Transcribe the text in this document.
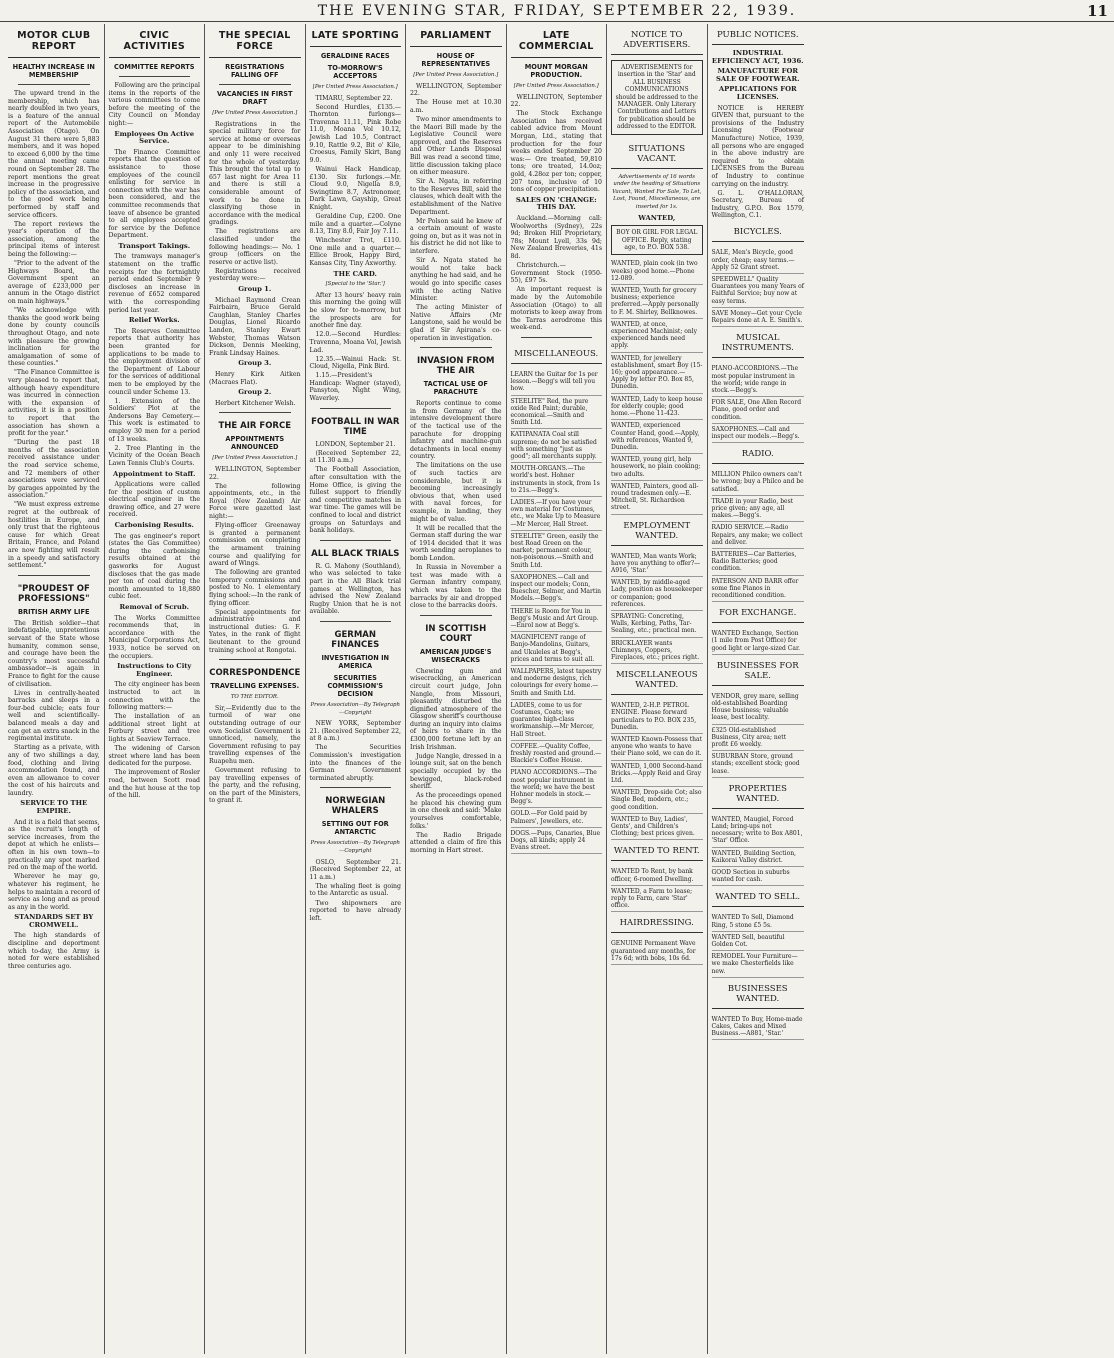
THE EVENING STAR, FRIDAY, SEPTEMBER 22, 1939.	11
MOTOR CLUB REPORT
HEALTHY INCREASE IN MEMBERSHIP

The upward trend in the membership, which has nearly doubled in two years, is a feature of the annual report of the Automobile Association (Otago). On August 31 there were 5,883 members, and it was hoped to exceed 6,000 by the time the annual meeting came round on September 28. The report mentions the great increase in the progressive policy of the association, and to the good work being performed by staff and service officers.

The report reviews the year's operation of the association, among the principal items of interest being the following:—

"Prior to the advent of the Highways Board, the Government spent an average of £233,000 per annum in the Otago district on main highways."

"We acknowledge with thanks the good work being done by county councils throughout Otago, and note with pleasure the growing inclination for the amalgamation of some of these counties."

"The Finance Committee is very pleased to report that, although heavy expenditure was incurred in connection with the expansion of activities, it is in a position to report that the association has shown a profit for the year."

"During the past 18 months of the association received assistance under the road service scheme, and 72 members of other associations were serviced by garages appointed by the association."

"We must express extreme regret at the outbreak of hostilities in Europe, and only trust that the righteous cause for which Great Britain, France, and Poland are now fighting will result in a speedy and satisfactory settlement."

"PROUDEST OF PROFESSIONS"
BRITISH ARMY LIFE

The British soldier—that indefatigable, unpretentious servant of the State whose humanity, common sense, and courage have been the country's most successful ambassador—is again in France to fight for the cause of civilisation.

Lives in centrally-heated barracks and sleeps in a four-bed cubicle; eats four well and scientifically-balanced meals a day and can get an extra snack in the regimental institute.

Starting as a private, with any of two shillings a day, food, clothing and living accommodation found, and even an allowance to cover the cost of his haircuts and laundry.

SERVICE TO THE EMPIRE.

And it is a field that seems, as the recruit's length of service increases, from the depot at which he enlists—often in his own town—to practically any spot marked red on the map of the world.

Wherever he may go, whatever his regiment, he helps to maintain a record of service as long and as proud as any in the world.

STANDARDS SET BY CROMWELL.

The high standards of discipline and deportment which to-day, the Army is noted for were established three centuries ago.

CIVIC ACTIVITIES
COMMITTEE REPORTS

Following are the principal items in the reports of the various committees to come before the meeting of the City Council on Monday night:—

Employees On Active Service.

The Finance Committee reports that the question of assistance to those employees of the council enlisting for service in connection with the war has been considered, and the committee recommends that leave of absence be granted to all employees accepted for service by the Defence Department.

Transport Takings.

The tramways manager's statement on the traffic receipts for the fortnightly period ended September 9 discloses an increase in revenue of £652 compared with the corresponding period last year.

Relief Works.

The Reserves Committee reports that authority has been granted for applications to be made to the employment division of the Department of Labour for the services of additional men to be employed by the council under Scheme 13.

1. Extension of the Soldiers' Plot at the Andersons Bay Cemetery.—This work is estimated to employ 30 men for a period of 13 weeks.

2. Tree Planting in the Vicinity of the Ocean Beach Lawn Tennis Club's Courts.

Appointment to Staff.

Applications were called for the position of custom electrical engineer in the drawing office, and 27 were received.

Carbonising Results.

The gas engineer's report (states the Gas Committee) during the carbonising results obtained at the gasworks for August discloses that the gas made per ton of coal during the month amounted to 18,880 cubic feet.

Removal of Scrub.

The Works Committee recommends that, in accordance with the Municipal Corporations Act, 1933, notice be served on the occupiers.

Instructions to City Engineer.

The city engineer has been instructed to act in connection with the following matters:—

The installation of an additional street light at Forbury street and tree lights at Seaview Terrace.

The widening of Carson street where land has been dedicated for the purpose.

The improvement of Rosler road, between Scott road and the hut house at the top of the hill.

THE SPECIAL FORCE
REGISTRATIONS FALLING OFF
VACANCIES IN FIRST DRAFT
[Per United Press Association.]

Registrations in the special military force for service at home or overseas appear to be diminishing and only 11 were received for the whole of yesterday. This brought the total up to 657 last night for Area 11 and there is still a considerable amount of work to be done in classifying those in accordance with the medical gradings.

The registrations are classified under the following headings:— No. 1 group (officers on the reserve or active list).

Registrations received yesterday were:—

Group 1.

Michael Raymond Crean Fairbairn, Bruce Gerald Caughlan, Stanley Charles Douglas, Lionel Ricardo Landen, Stanley Ewart Webster, Thomas Watson Dickson, Dennis Meeking, Frank Lindsay Haines.

Group 3.

Henry Kirk Aitken (Macraes Flat).

Group 2.

Herbert Kitchener Welsh.

THE AIR FORCE
APPOINTMENTS ANNOUNCED
[Per United Press Association.]

WELLINGTON, September 22.

The following appointments, etc., in the Royal (New Zealand) Air Force were gazetted last night:—

Flying-officer Greenaway is granted a permanent commission on completing the armament training course and qualifying for award of Wings.

The following are granted temporary commissions and posted to No. 1 elementary flying school:—In the rank of flying officer.

Special appointments for administrative and instructional duties: G. F. Yates, in the rank of flight lieutenant to the ground training school at Rongotai.

CORRESPONDENCE
TRAVELLING EXPENSES.
TO THE EDITOR.

Sir,—Evidently due to the turmoil of war one outstanding outrage of our own Socialist Government is unnoticed, namely, the Government refusing to pay travelling expenses of the Ruapehu men.

Government refusing to pay travelling expenses of the party, and the refusing, on the part of the Ministers, to grant it.

LATE SPORTING
GERALDINE RACES
TO-MORROW'S ACCEPTORS
[Per United Press Association.]

TIMARU, September 22.

Second Hurdles, £135.—Thornton furlongs—Travenna 11.11, Pink Robe 11.0, Moana Vol 10.12, Jewish Lad 10.5, Contract 9.10, Rattle 9.2, Bit o' Kile, Croesus, Family Skirt, Bang 9.0.

Wainui Hack Handicap, £130. Six furlongs.—Mr. Cloud 9.0, Nigella 8.9, Swingtime 8.7, Astronomer, Dark Lawn, Gayship, Great Knight.

Geraldine Cup, £200. One mile and a quarter.—Colyne 8.13, Tiny 8.0, Fair Joy 7.11.

Winchester Trot, £110. One mile and a quarter.—Ellice Brook, Happy Bird, Kansas City, Tiny Axworthy.

THE CARD.
[Special to the 'Star.']

After 13 hours' heavy rain this morning the going will be slow for to-morrow, but the prospects are for another fine day.

12.0.—Second Hurdles: Travenna, Moana Vol, Jewish Lad.

12.35.—Wainui Hack: St. Cloud, Nigella, Pink Bird.

1.15.—President's Handicap: Wagner (stayed), Pansyton, Night Wing, Waverley.

FOOTBALL IN WAR TIME

LONDON, September 21.

(Received September 22, at 11.30 a.m.)

The Football Association, after consultation with the Home Office, is giving the fullest support to friendly and competitive matches in war time. The games will be confined to local and district groups on Saturdays and bank holidays.

ALL BLACK TRIALS

R. G. Mahony (Southland), who was selected to take part in the All Black trial games at Wellington, has advised the New Zealand Rugby Union that he is not available.

GERMAN FINANCES
INVESTIGATION IN AMERICA
SECURITIES COMMISSION'S DECISION
Press Association—By Telegraph—Copyright

NEW YORK, September 21. (Received September 22, at 8 a.m.)

The Securities Commission's investigation into the finances of the German Government terminated abruptly.

NORWEGIAN WHALERS
SETTING OUT FOR ANTARCTIC
Press Association—By Telegraph—Copyright

OSLO, September 21. (Received September 22, at 11 a.m.)

The whaling fleet is going to the Antarctic as usual.

Two shipowners are reported to have already left.

PARLIAMENT
HOUSE OF REPRESENTATIVES
[Per United Press Association.]

WELLINGTON, September 22.

The House met at 10.30 a.m.

Two minor amendments to the Maori Bill made by the Legislative Council were approved, and the Reserves and Other Lands Disposal Bill was read a second time, little discussion taking place on either measure.

Sir A. Ngata, in referring to the Reserves Bill, said the clauses, which dealt with the establishment of the Native Department.

Mr Polson said he knew of a certain amount of waste going on, but as it was not in his district he did not like to interfere.

Sir A. Ngata stated he would not take back anything he had said, and he would go into specific cases with the acting Native Minister.

The acting Minister of Native Affairs (Mr Langstone, said he would be glad if Sir Apirana's co-operation in investigation.

INVASION FROM THE AIR
TACTICAL USE OF PARACHUTE

Reports continue to come in from Germany of the intensive development there of the tactical use of the parachute for dropping infantry and machine-gun detachments in local enemy country.

The limitations on the use of such tactics are considerable, but it is becoming increasingly obvious that, when used with naval forces, for example, in landing, they might be of value.

It will be recalled that the German staff during the war of 1914 decided that it was worth sending aeroplanes to bomb London.

In Russia in November a test was made with a German infantry company, which was taken to the barracks by air and dropped close to the barracks doors.

IN SCOTTISH COURT
AMERICAN JUDGE'S WISECRACKS

Chewing gum and wisecracking, an American circuit court judge, John Nangle, from Missouri, pleasantly disturbed the dignified atmosphere of the Glasgow sheriff's courthouse during an inquiry into claims of heirs to share in the £300,000 fortune left by an Irish Irishman.

Judge Nangle, dressed in a lounge suit, sat on the bench specially occupied by the bewigged, black-robed sheriff.

As the proceedings opened he placed his chewing gum in one cheek and said: 'Make yourselves comfortable, folks.'

The Radio Brigade attended a claim of fire this morning in Hart street.

LATE COMMERCIAL
MOUNT MORGAN PRODUCTION.
[Per United Press Association.]

WELLINGTON, September 22.

The Stock Exchange Association has received cabled advice from Mount Morgan, Ltd., stating that production for the four weeks ended September 20 was:— Ore treated, 59,810 tons; ore treated, 14.0oz; gold, 4.28oz per ton; copper, 207 tons, inclusive of 10 tons of copper precipitation.

SALES ON 'CHANGE: THIS DAY.

Auckland.—Morning call: Woolworths (Sydney), 22s 9d; Broken Hill Proprietary, 78s; Mount Lyell, 33s 9d; New Zealand Breweries, 41s 8d.

Christchurch.—Government Stock (1950-55), £97 5s.

An important request is made by the Automobile Association (Otago) to all motorists to keep away from the Tarras aerodrome this week-end.

MISCELLANEOUS.
LEARN the Guitar for 1s per lesson.—Begg's will tell you how.
STEELITE" Red, the pure oxide Red Paint; durable, economical.—Smith and Smith Ltd.
KATIPANATA Coal still supreme; do not be satisfied with something "just as good"; all merchants supply.
MOUTH-ORGANS.—The world's best. Hohner instruments in stock, from 1s to 21s.—Begg's.
LADIES.—If you have your own material for Costumes, etc., we Make Up to Measure—Mr Mercer, Hall Street.
STEELITE" Green, easily the best Road Green on the market; permanent colour, non-poisonous.—Smith and Smith Ltd.
SAXOPHONES.—Call and inspect our models; Conn, Buescher, Selmer, and Martin Models.—Begg's.
THERE is Room for You in Begg's Music and Art Group.—Enrol now at Begg's.
MAGNIFICENT range of Banjo-Mandolins, Guitars, and Ukuleles at Begg's, prices and terms to suit all.
WALLPAPERS, latest tapestry and moderne designs, rich colourings for every home.—Smith and Smith Ltd.
LADIES, come to us for Costumes, Coats; we guarantee high-class workmanship.—Mr Mercer, Hall Street.
COFFEE.—Quality Coffee, freshly roasted and ground.—Blackie's Coffee House.
PIANO ACCORDIONS.—The most popular instrument in the world; we have the best Hohner models in stock.—Begg's.
GOLD.—For Gold paid by Palmers', Jewellers, etc.
DOGS.—Pups, Canaries, Blue Dogs, all kinds; apply 24 Evans street.
NOTICE TO ADVERTISERS.
ADVERTISEMENTS for insertion in the 'Star' and ALL BUSINESS COMMUNICATIONS should be addressed to the MANAGER. Only Literary Contributions and Letters for publication should be addressed to the EDITOR.
SITUATIONS VACANT.
Advertisements of 16 words under the heading of Situations Vacant, Wanted For Sale, To Let, Lost, Found, Miscellaneous, are inserted for 1s.
WANTED,
BOY OR GIRL FOR LEGAL OFFICE. Reply, stating age, to P.O. BOX 538.
WANTED, plain cook (in two weeks) good home.—Phone 12-089.
WANTED, Youth for grocery business; experience preferred.—Apply personally to F. M. Shirley, Bellknowes.
WANTED, at once, experienced Machinist; only experienced hands need apply.
WANTED, for jewellery establishment, smart Boy (15-16); good appearance.—Apply by letter P.O. Box 85, Dunedin.
WANTED, Lady to keep house for elderly couple; good home.—Phone 11-423.
WANTED, experienced Counter Hand, good.—Apply, with references, Wanted 9, Dunedin.
WANTED, young girl, help housework, no plain cooking; two adults.
WANTED, Painters, good all-round tradesmen only.—E. Mitchell, St. Richardson street.
EMPLOYMENT WANTED.
WANTED, Man wants Work; have you anything to offer?—A916, 'Star.'
WANTED, by middle-aged Lady, position as housekeeper or companion; good references.
SPRAYING: Concreting, Walls, Kerbing, Paths, Tar-Sealing, etc.; practical men.
BRICKLAYER wants Chimneys, Coppers, Fireplaces, etc.; prices right.
MISCELLANEOUS WANTED.
WANTED, 2-H.P. PETROL ENGINE. Please forward particulars to P.O. BOX 235, Dunedin.
WANTED Known-Possess that anyone who wants to have their Piano sold, we can do it.
WANTED, 1,000 Second-hand Bricks.—Apply Reid and Gray Ltd.
WANTED, Drop-side Cot; also Single Bed, modern, etc.; good condition.
WANTED to Buy, Ladies', Gents', and Children's Clothing; best prices given.
WANTED TO RENT.
WANTED To Rent, by bank officer, 6-roomed Dwelling.
WANTED, a Farm to lease; reply to Farm, care 'Star' office.
HAIRDRESSING.
GENUINE Permanent Wave guaranteed any months, for 17s 6d; with bobs, 10s 6d.
PUBLIC NOTICES.
INDUSTRIAL EFFICIENCY ACT, 1936.
MANUFACTURE FOR SALE OF FOOTWEAR.
APPLICATIONS FOR LICENSES.

NOTICE is HEREBY GIVEN that, pursuant to the provisions of the Industry Licensing (Footwear Manufacture) Notice, 1939, all persons who are engaged in the above industry are required to obtain LICENSES from the Bureau of Industry to continue carrying on the industry.

G. L. O'HALLORAN, Secretary, Bureau of Industry, G.P.O. Box 1579, Wellington, C.1.

BICYCLES.
SALE, Men's Bicycle, good order, cheap; easy terms.—Apply 52 Grant street.
SPEEDWELL" Quality Guarantees you many Years of Faithful Service; buy now at easy terms.
SAVE Money—Get your Cycle Repairs done at A. E. Smith's.
MUSICAL INSTRUMENTS.
PIANO-ACCORDIONS.—The most popular instrument in the world; wide range in stock.—Begg's.
FOR SALE, One Allen Record Piano, good order and condition.
SAXOPHONES.—Call and inspect our models.—Begg's.
RADIO.
MILLION Philco owners can't be wrong; buy a Philco and be satisfied.
TRADE in your Radio, best price given; any age, all makes.—Begg's.
RADIO SERVICE.—Radio Repairs, any make; we collect and deliver.
BATTERIES—Car Batteries, Radio Batteries; good condition.
PATERSON AND BARR offer some fine Pianos in reconditioned condition.
FOR EXCHANGE.
WANTED Exchange, Section (1 mile from Post Office) for good light or large-sized Car.
BUSINESSES FOR SALE.
VENDOR, grey mare, selling old-established Boarding House business; valuable lease, best locality.
£325 Old-established Business, City area; nett profit £6 weekly.
SUBURBAN Store, ground stands; excellent stock; good lease.
PROPERTIES WANTED.
WANTED, Maugiel, Forced Land; bring-ups not necessary; write to Box A801, 'Star' Office.
WANTED, Building Section, Kaikorai Valley district.
GOOD Section in suburbs wanted for cash.
WANTED TO SELL.
WANTED To Sell, Diamond Ring, 5 stone £5 5s.
WANTED Sell, beautiful Golden Cot.
REMODEL Your Furniture—we make Chesterfields like new.
BUSINESSES WANTED.
WANTED To Buy, Home-made Cakes, Cakes and Mixed Business.—A881, 'Star.'
